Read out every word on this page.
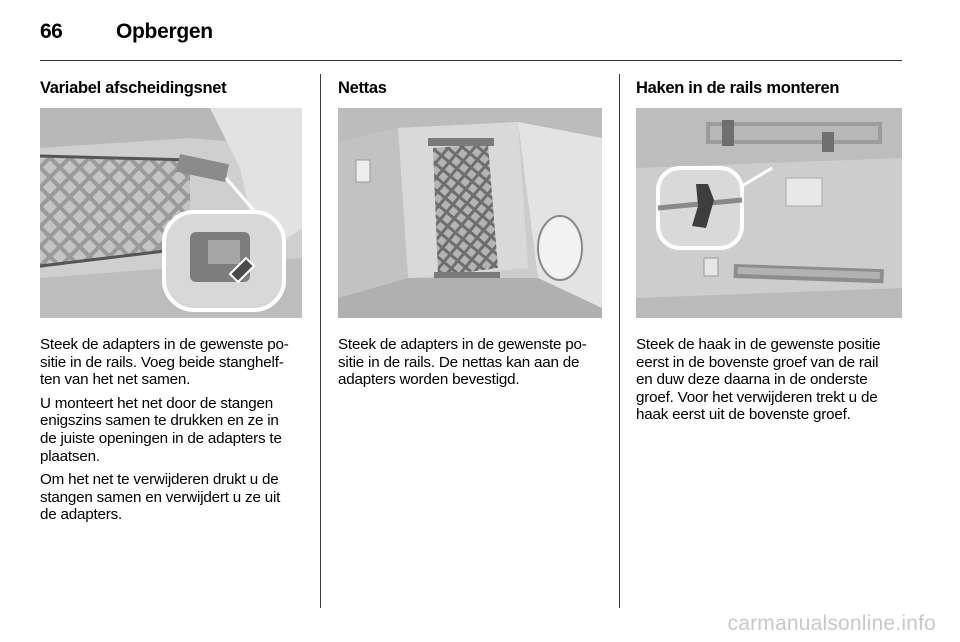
66	Opbergen
Variabel afscheidingsnet

Steek de adapters in de gewenste po-
sitie in de rails. Voeg beide stanghelf-
ten van het net samen.

U monteert het net door de stangen
enigszins samen te drukken en ze in
de juiste openingen in de adapters te
plaatsen.

Om het net te verwijderen drukt u de
stangen samen en verwijdert u ze uit
de adapters.

Nettas

Steek de adapters in de gewenste po-
sitie in de rails. De nettas kan aan de
adapters worden bevestigd.

Haken in de rails monteren

Steek de haak in de gewenste positie
eerst in de bovenste groef van de rail
en duw deze daarna in de onderste
groef. Voor het verwijderen trekt u de
haak eerst uit de bovenste groef.

carmanualsonline.info
